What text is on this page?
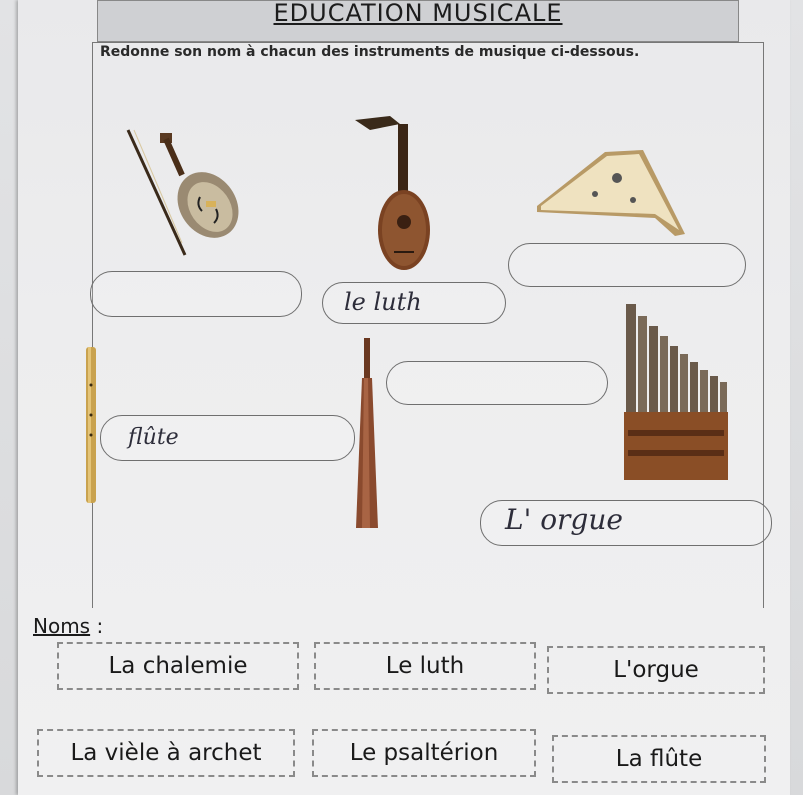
EDUCATION MUSICALE
Redonne son nom à chacun des instruments de musique ci-dessous.
le luth
flûte
L' orgue
Noms :
La chalemie	Le luth	L'orgue
La vièle à archet	Le psaltérion	La flûte
